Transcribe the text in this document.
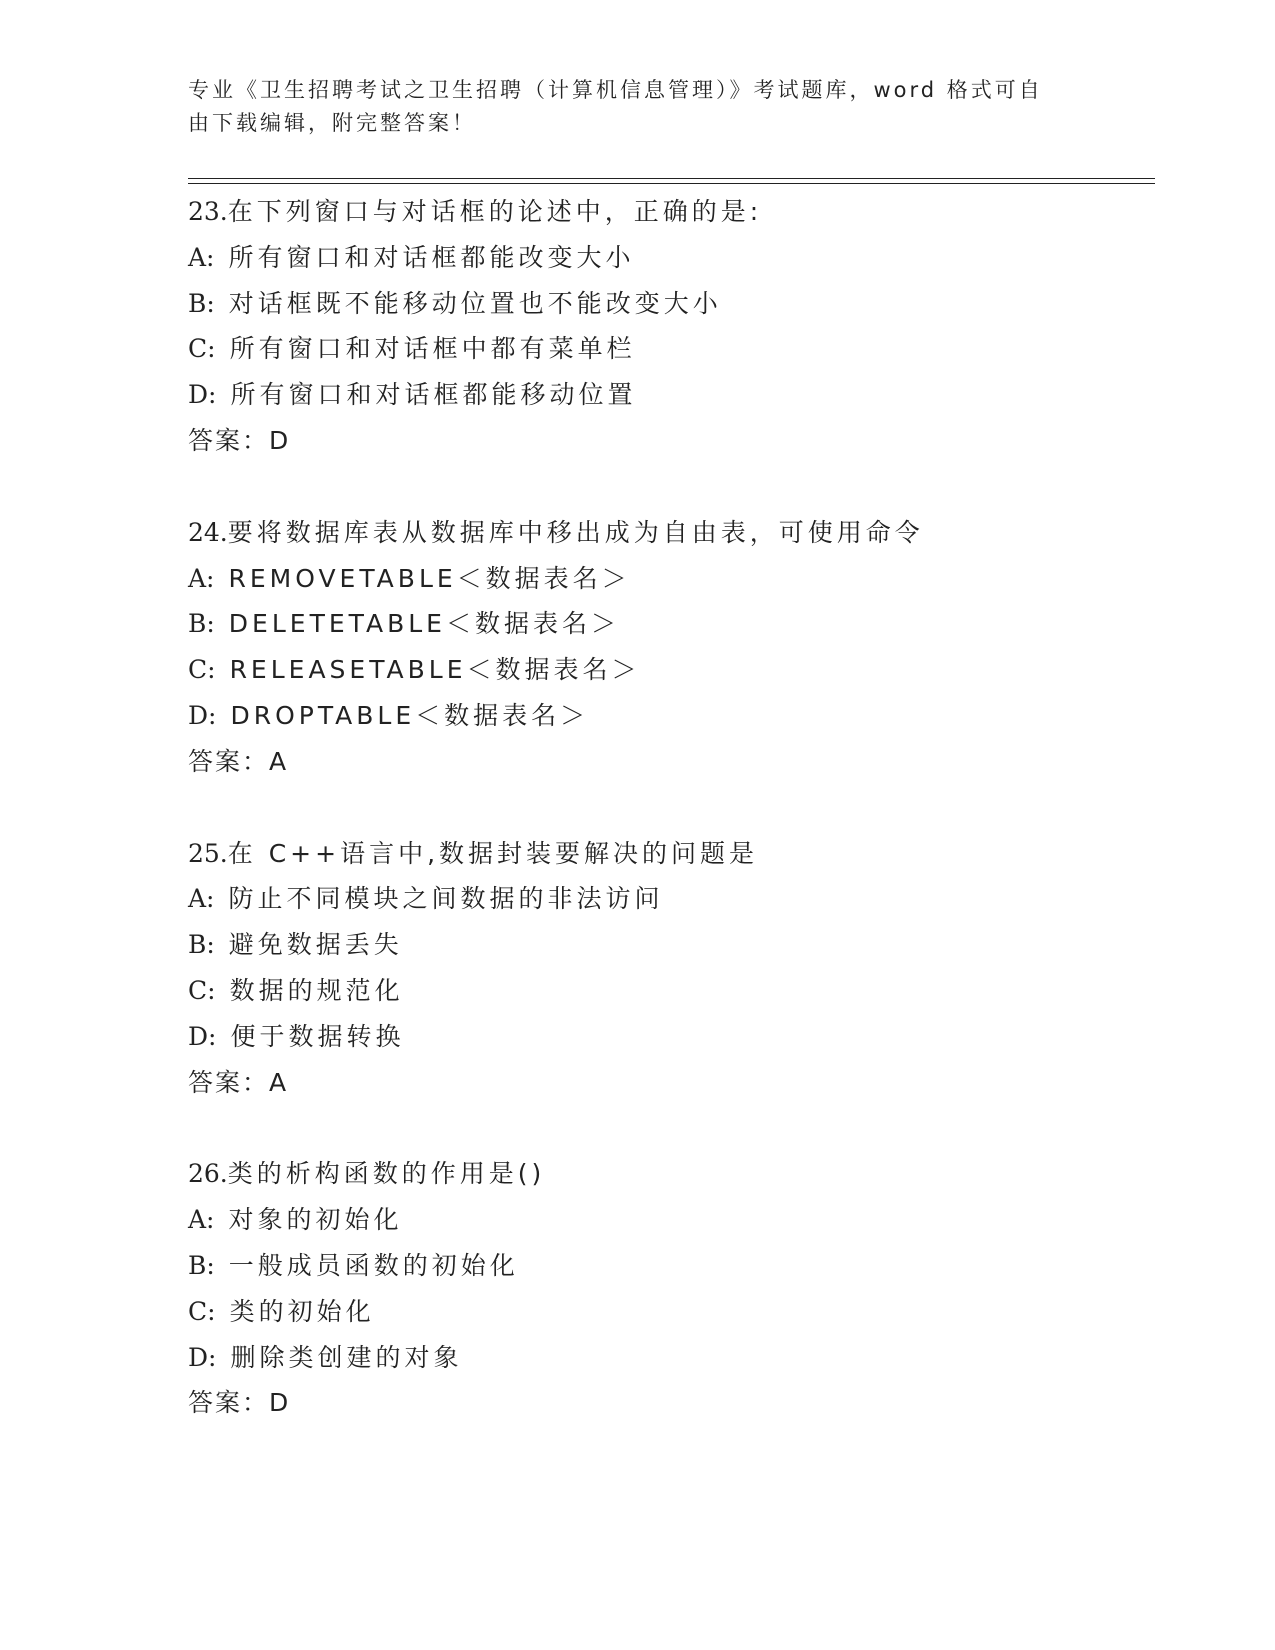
专业《卫生招聘考试之卫生招聘（计算机信息管理）》考试题库，word 格式可自
由下载编辑，附完整答案！
23.在下列窗口与对话框的论述中，正确的是:
A: 所有窗口和对话框都能改变大小
B: 对话框既不能移动位置也不能改变大小
C: 所有窗口和对话框中都有菜单栏
D: 所有窗口和对话框都能移动位置
答案：D
24.要将数据库表从数据库中移出成为自由表，可使用命令
A: REMOVETABLE＜数据表名＞
B: DELETETABLE＜数据表名＞
C: RELEASETABLE＜数据表名＞
D: DROPTABLE＜数据表名＞
答案：A
25.在 C++语言中,数据封装要解决的问题是
A: 防止不同模块之间数据的非法访问
B: 避免数据丢失
C: 数据的规范化
D: 便于数据转换
答案：A
26.类的析构函数的作用是()
A: 对象的初始化
B: 一般成员函数的初始化
C: 类的初始化
D: 删除类创建的对象
答案：D
